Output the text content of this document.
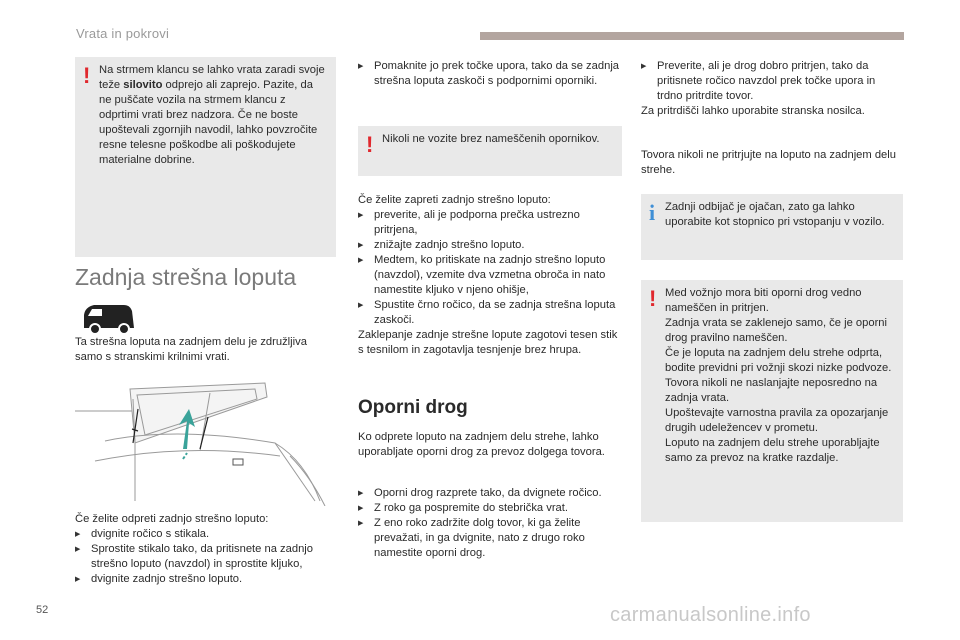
Vrata in pokrovi
! Na strmem klancu se lahko vrata zaradi svoje teže silovito odprejo ali zaprejo. Pazite, da ne puščate vozila na strmem klancu z odprtimi vrati brez nadzora. Če ne boste upoštevali zgornjih navodil, lahko povzročite resne telesne poškodbe ali poškodujete materialne dobrine.
Zadnja strešna loputa

Ta strešna loputa na zadnjem delu je združljiva samo s stranskimi krilnimi vrati.

Če želite odpreti zadnjo strešno loputo:

▶ dvignite ročico s stikala.
▶ Sprostite stikalo tako, da pritisnete na zadnjo strešno loputo (navzdol) in sprostite kljuko,
▶ dvignite zadnjo strešno loputo.
▶ Pomaknite jo prek točke upora, tako da se zadnja strešna loputa zaskoči s podpornimi oporniki.
! Nikoli ne vozite brez nameščenih opornikov.

Če želite zapreti zadnjo strešno loputo:

▶ preverite, ali je podporna prečka ustrezno pritrjena,
▶ znižajte zadnjo strešno loputo.
▶ Medtem, ko pritiskate na zadnjo strešno loputo (navzdol), vzemite dva vzmetna obroča in nato namestite kljuko v njeno ohišje,
▶ Spustite črno ročico, da se zadnja strešna loputa zaskoči.

Zaklepanje zadnje strešne lopute zagotovi tesen stik s tesnilom in zagotavlja tesnjenje brez hrupa.

Oporni drog

Ko odprete loputo na zadnjem delu strehe, lahko uporabljate oporni drog za prevoz dolgega tovora.

▶ Oporni drog razprete tako, da dvignete ročico.
▶ Z roko ga posp​remite do stebrička vrat.
▶ Z eno roko zadržite dolg tovor, ki ga želite prevažati, in ga dvignite, nato z drugo roko namestite oporni drog.
▶ Preverite, ali je drog dobro pritrjen, tako da pritisnete ročico navzdol prek točke upora in trdno pritrdite tovor.

Za pritrdišči lahko uporabite stranska nosilca.

Tovora nikoli ne pritrjujte na loputo na zadnjem delu strehe.

i Zadnji odbijač je ojačan, zato ga lahko uporabite kot stopnico pri vstopanju v vozilo.
! Med vožnjo mora biti oporni drog vedno nameščen in pritrjen.
Zadnja vrata se zaklenejo samo, če je oporni drog pravilno nameščen.
Če je loputa na zadnjem delu strehe odprta, bodite previdni pri vožnji skozi nizke podvoze.
Tovora nikoli ne naslanjajte neposredno na zadnja vrata.
Upoštevajte varnostna pravila za opozarjanje drugih udeležencev v prometu.
Loputo na zadnjem delu strehe uporabljajte samo za prevoz na kratke razdalje.
52	carmanualsonline.info
